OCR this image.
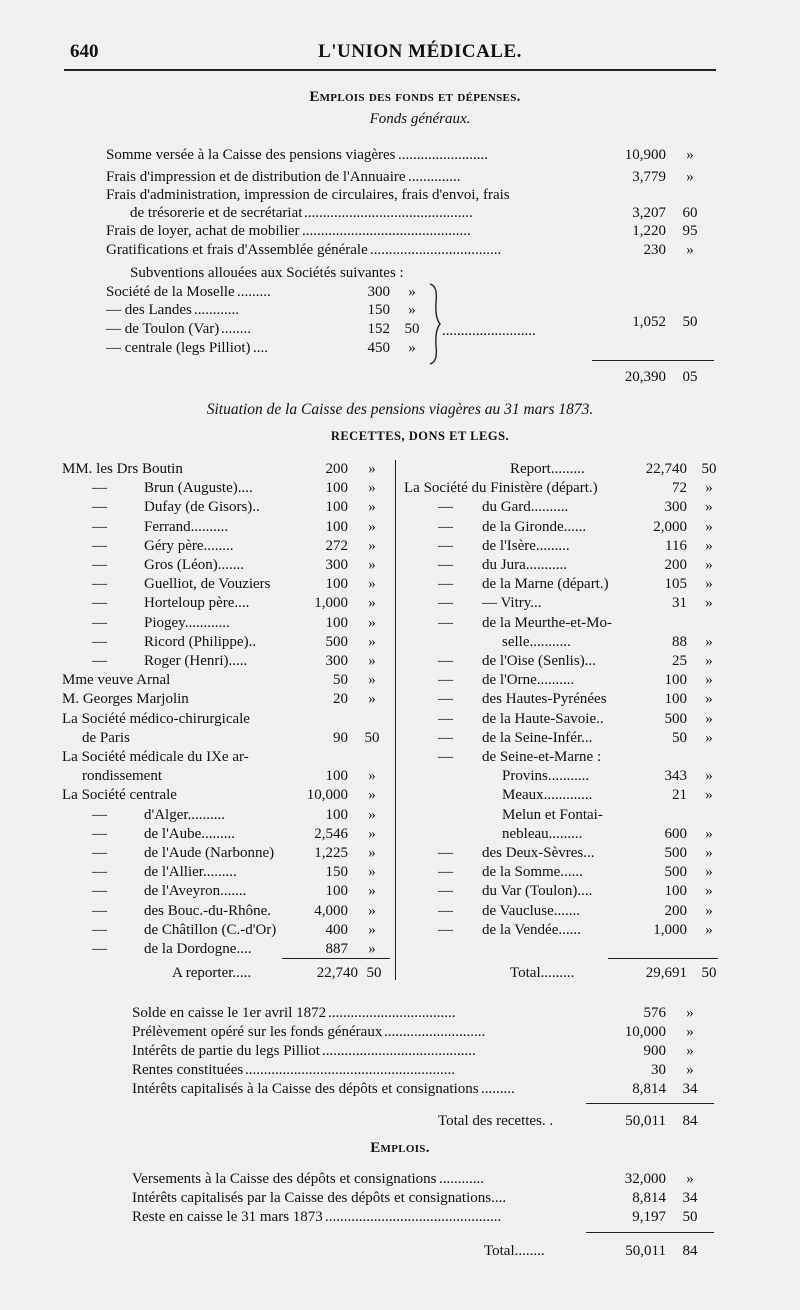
640	L'UNION MÉDICALE.
Emplois des fonds et dépenses.
Fonds généraux.
Somme versée à la Caisse des pensions viagères ........................	10,900	»
Frais d'impression et de distribution de l'Annuaire ..............	3,779	»
Frais d'administration, impression de circulaires, frais d'envoi, frais
de trésorerie et de secrétariat .............................................	3,207	60
Frais de loyer, achat de mobilier .............................................	1,220	95
Gratifications et frais d'Assemblée générale ...................................	230	»
Subventions allouées aux Sociétés suivantes :
Société de la Moselle .........	300	»
— des Landes ............	150	»
— de Toulon (Var) ........	152 50
— centrale (legs Pilliot) ....	450	»
.........................
1,052	50
20,390	05
Situation de la Caisse des pensions viagères au 31 mars 1873.
RECETTES, DONS ET LEGS.
MM. les Drs Boutin	200	»
— Brun (Auguste)....	100	»
— Dufay (de Gisors)..	100	»
— Ferrand..........	100	»
— Géry père........	272	»
— Gros (Léon).......	300	»
— Guelliot, de Vouziers	100	»
— Horteloup père....	1,000	»
— Piogey............	100	»
— Ricord (Philippe)..	500	»
— Roger (Henri).....	300	»
Mme veuve Arnal	50	»
M. Georges Marjolin	20	»
La Société médico-chirurgicale
de Paris	90	50
La Société médicale du IXe ar-
rondissement	100	»
La Société centrale	10,000	»
— d'Alger..........	100	»
— de l'Aube.........	2,546	»
— de l'Aude (Narbonne)	1,225	»
— de l'Allier.........	150	»
— de l'Aveyron.......	100	»
— des Bouc.-du-Rhône.	4,000	»
— de Châtillon (C.-d'Or)	400	»
— de la Dordogne....	887	»
Report.........	22,740 50
La Société du Finistère (départ.)	72	»
— du Gard..........	300	»
— de la Gironde......	2,000	»
— de l'Isère.........	116	»
— du Jura...........	200	»
— de la Marne (départ.)	105	»
— — Vitry...	31	»
— de la Meurthe-et-Mo-
selle...........	88	»
— de l'Oise (Senlis)...	25	»
— de l'Orne..........	100	»
— des Hautes-Pyrénées	100	»
— de la Haute-Savoie..	500	»
— de la Seine-Infér...	50	»
— de Seine-et-Marne :
Provins...........	343	»
Meaux.............	21	»
Melun et Fontai-
nebleau.........	600	»
— des Deux-Sèvres...	500	»
— de la Somme......	500	»
— du Var (Toulon)....	100	»
— de Vaucluse.......	200	»
— de la Vendée......	1,000	»
A reporter.....	22,740 50	Total.........	29,691 50
Solde en caisse le 1er avril 1872 ..................................	576	»
Prélèvement opéré sur les fonds généraux ...........................	10,000	»
Intérêts de partie du legs Pilliot .........................................	900	»
Rentes constituées ........................................................	30	»
Intérêts capitalisés à la Caisse des dépôts et consignations .........	8,814	34
Total des recettes. .	50,011	84
Emplois.
Versements à la Caisse des dépôts et consignations ............	32,000	»
Intérêts capitalisés par la Caisse des dépôts et consignations....	8,814	34
Reste en caisse le 31 mars 1873 ...............................................	9,197	50
Total........	50,011	84
